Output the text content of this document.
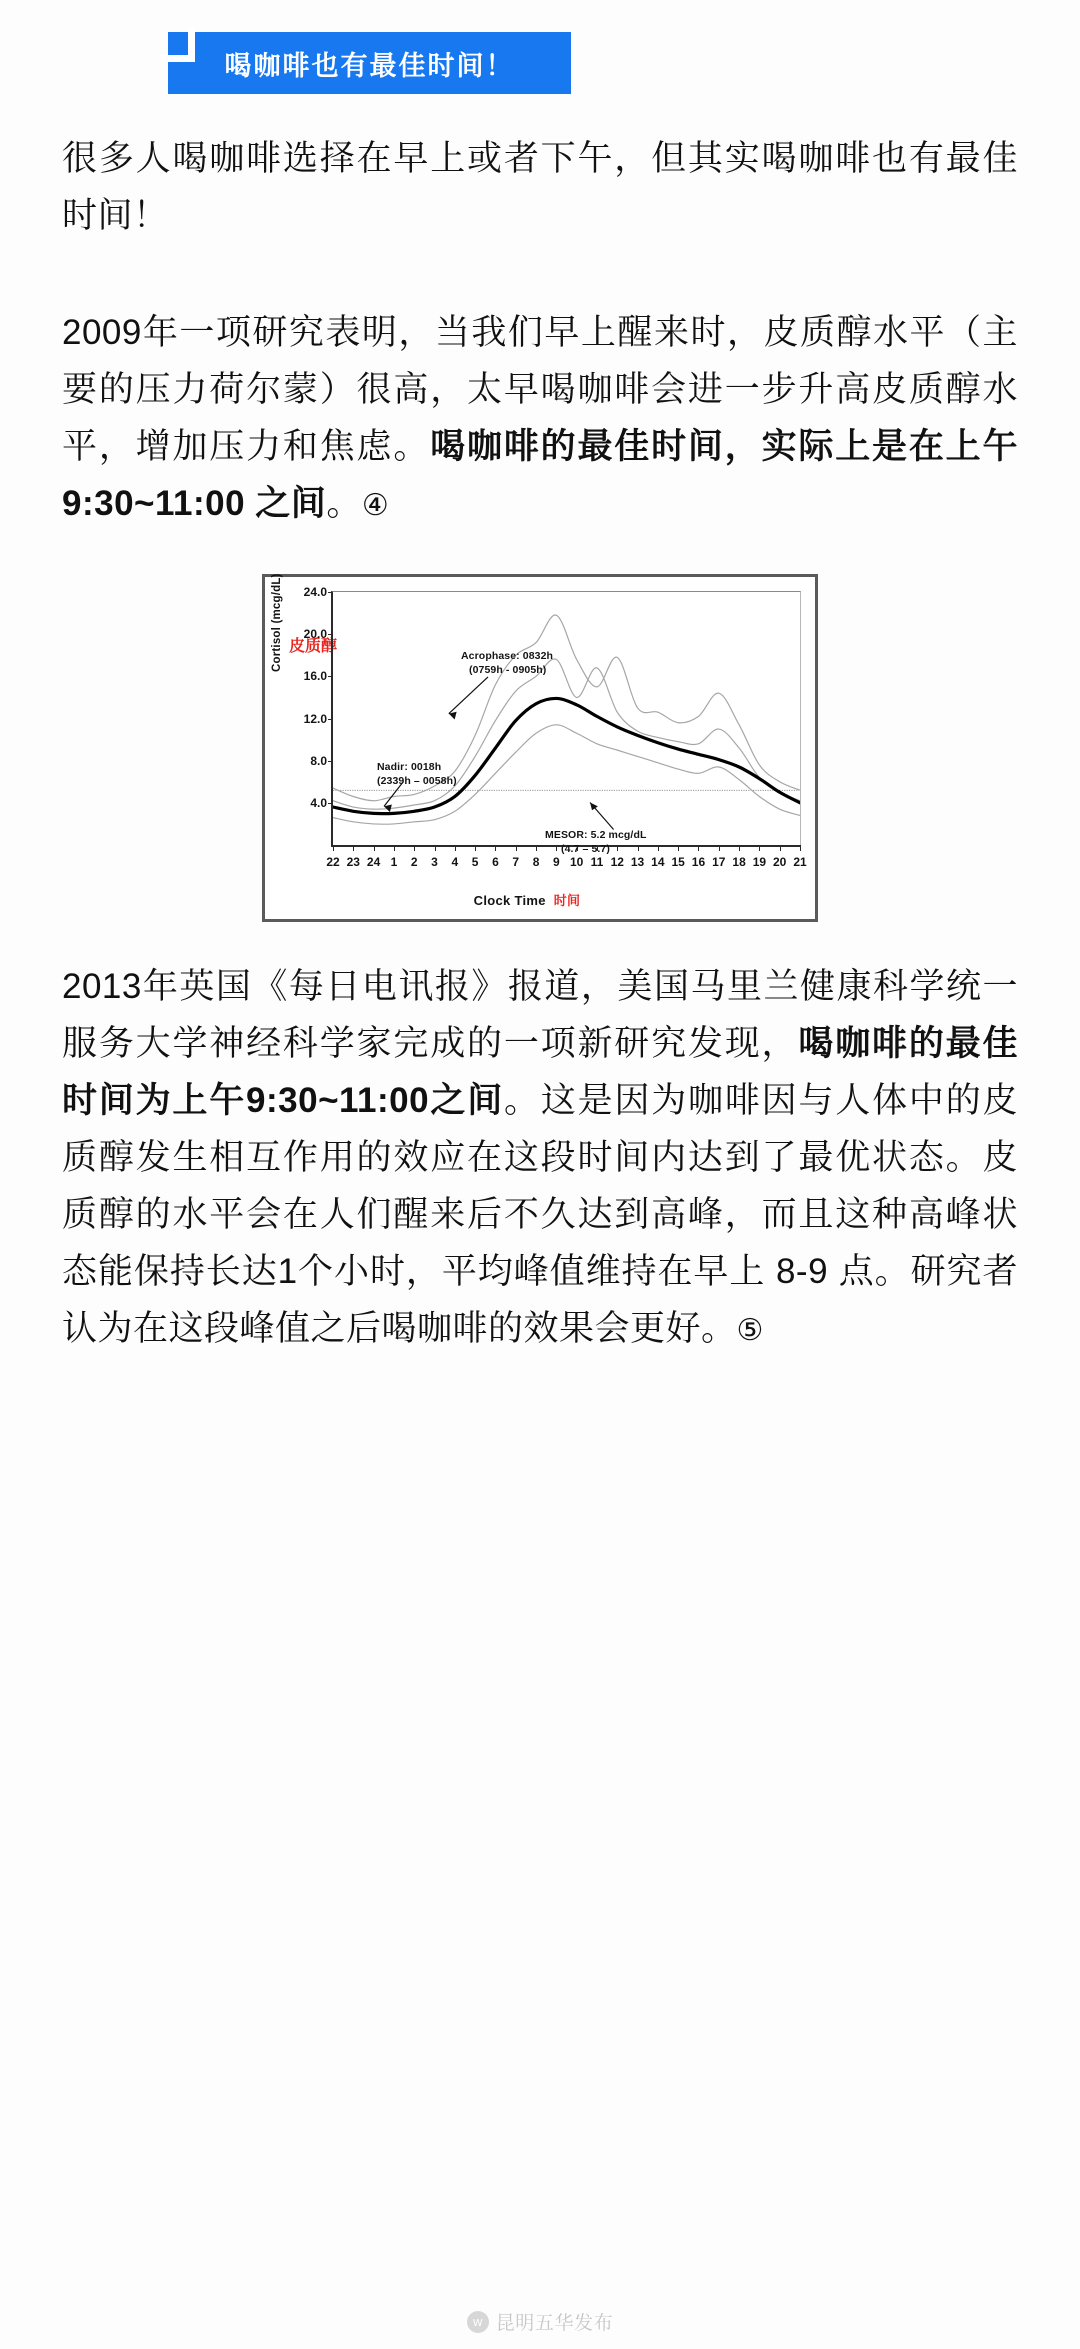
喝咖啡也有最佳时间！

很多人喝咖啡选择在早上或者下午，但其实喝咖啡也有最佳时间！

2009年一项研究表明，当我们早上醒来时，皮质醇水平（主要的压力荷尔蒙）很高，太早喝咖啡会进一步升高皮质醇水平，增加压力和焦虑。喝咖啡的最佳时间，实际上是在上午 9:30~11:00 之间。④

Cortisol (mcg/dL) 皮质醇
24.0
20.0
16.0
12.0
8.0
4.0
22 23 24 1 2 3 4 5 6 7 8 9 10 11 12 13 14 15 16 17 18 19 20 21
Acrophase: 0832h
(0759h - 0905h)
Nadir: 0018h
(2339h – 0058h)
MESOR: 5.2 mcg/dL
(4.7 – 5.7)
Clock Time 时间

2013年英国《每日电讯报》报道，美国马里兰健康科学统一服务大学神经科学家完成的一项新研究发现，喝咖啡的最佳时间为上午9:30~11:00之间。这是因为咖啡因与人体中的皮质醇发生相互作用的效应在这段时间内达到了最优状态。皮质醇的水平会在人们醒来后不久达到高峰，而且这种高峰状态能保持长达1个小时，平均峰值维持在早上 8-9 点。研究者认为在这段峰值之后喝咖啡的效果会更好。⑤

w 昆明五华发布
